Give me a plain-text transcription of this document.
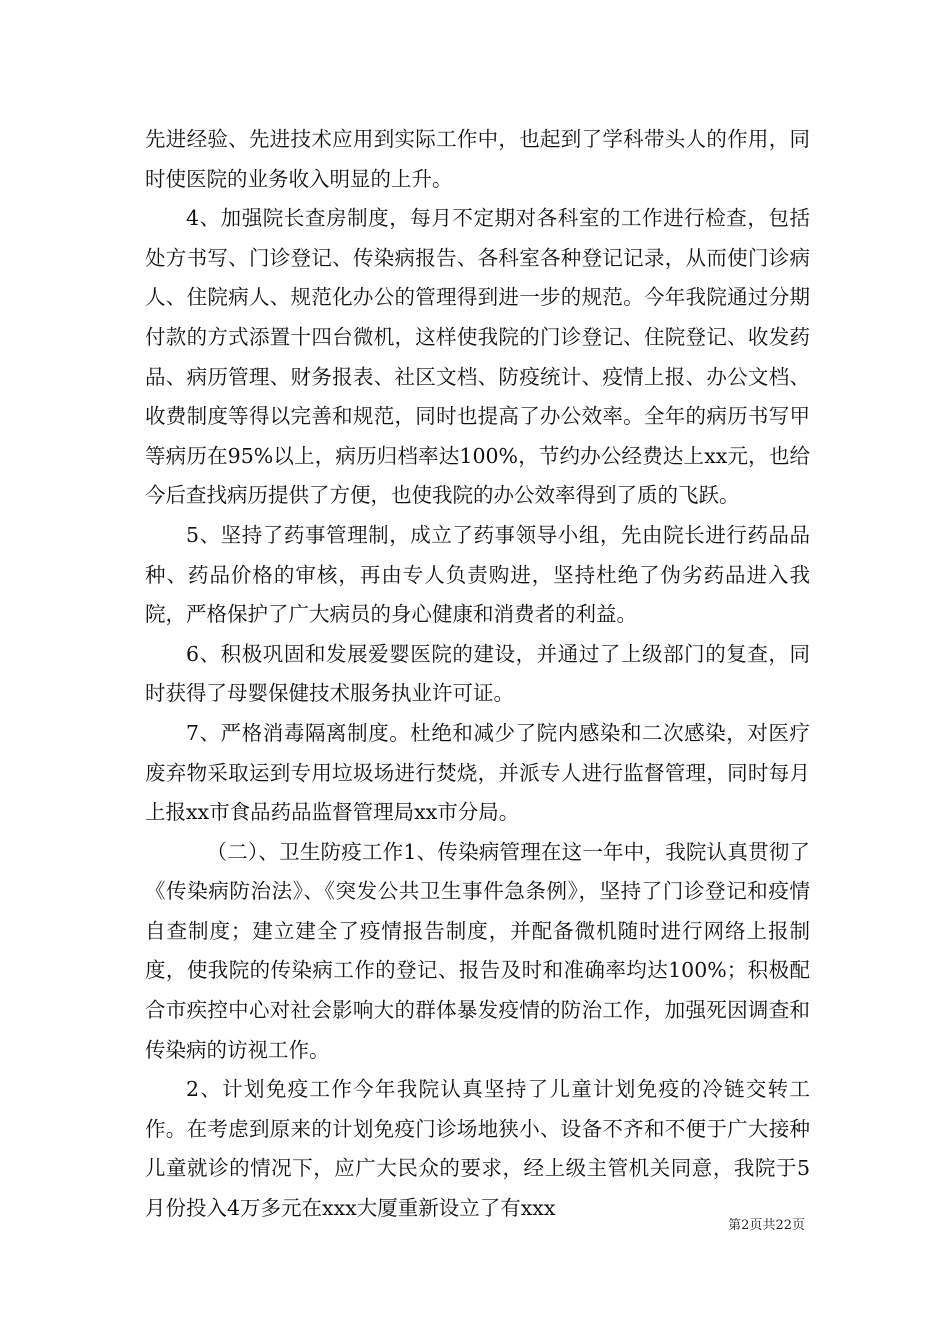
先进经验、先进技术应用到实际工作中，也起到了学科带头人的作用，同时使医院的业务收入明显的上升。

4、加强院长查房制度，每月不定期对各科室的工作进行检查，包括处方书写、门诊登记、传染病报告、各科室各种登记记录，从而使门诊病人、住院病人、规范化办公的管理得到进一步的规范。今年我院通过分期付款的方式添置十四台微机，这样使我院的门诊登记、住院登记、收发药品、病历管理、财务报表、社区文档、防疫统计、疫情上报、办公文档、收费制度等得以完善和规范，同时也提高了办公效率。全年的病历书写甲等病历在95%以上，病历归档率达100%，节约办公经费达上xx元，也给今后查找病历提供了方便，也使我院的办公效率得到了质的飞跃。

5、坚持了药事管理制，成立了药事领导小组，先由院长进行药品品种、药品价格的审核，再由专人负责购进，坚持杜绝了伪劣药品进入我院，严格保护了广大病员的身心健康和消费者的利益。

6、积极巩固和发展爱婴医院的建设，并通过了上级部门的复查，同时获得了母婴保健技术服务执业许可证。

7、严格消毒隔离制度。杜绝和减少了院内感染和二次感染，对医疗废弃物采取运到专用垃圾场进行焚烧，并派专人进行监督管理，同时每月上报xx市食品药品监督管理局xx市分局。

（二）、卫生防疫工作1、传染病管理在这一年中，我院认真贯彻了《传染病防治法》、《突发公共卫生事件急条例》，坚持了门诊登记和疫情自查制度；建立建全了疫情报告制度，并配备微机随时进行网络上报制度，使我院的传染病工作的登记、报告及时和准确率均达100%；积极配合市疾控中心对社会影响大的群体暴发疫情的防治工作，加强死因调查和传染病的访视工作。

2、计划免疫工作今年我院认真坚持了儿童计划免疫的冷链交转工作。在考虑到原来的计划免疫门诊场地狭小、设备不齐和不便于广大接种儿童就诊的情况下，应广大民众的要求，经上级主管机关同意，我院于5月份投入4万多元在xxx大厦重新设立了有xxx

第2页共22页
